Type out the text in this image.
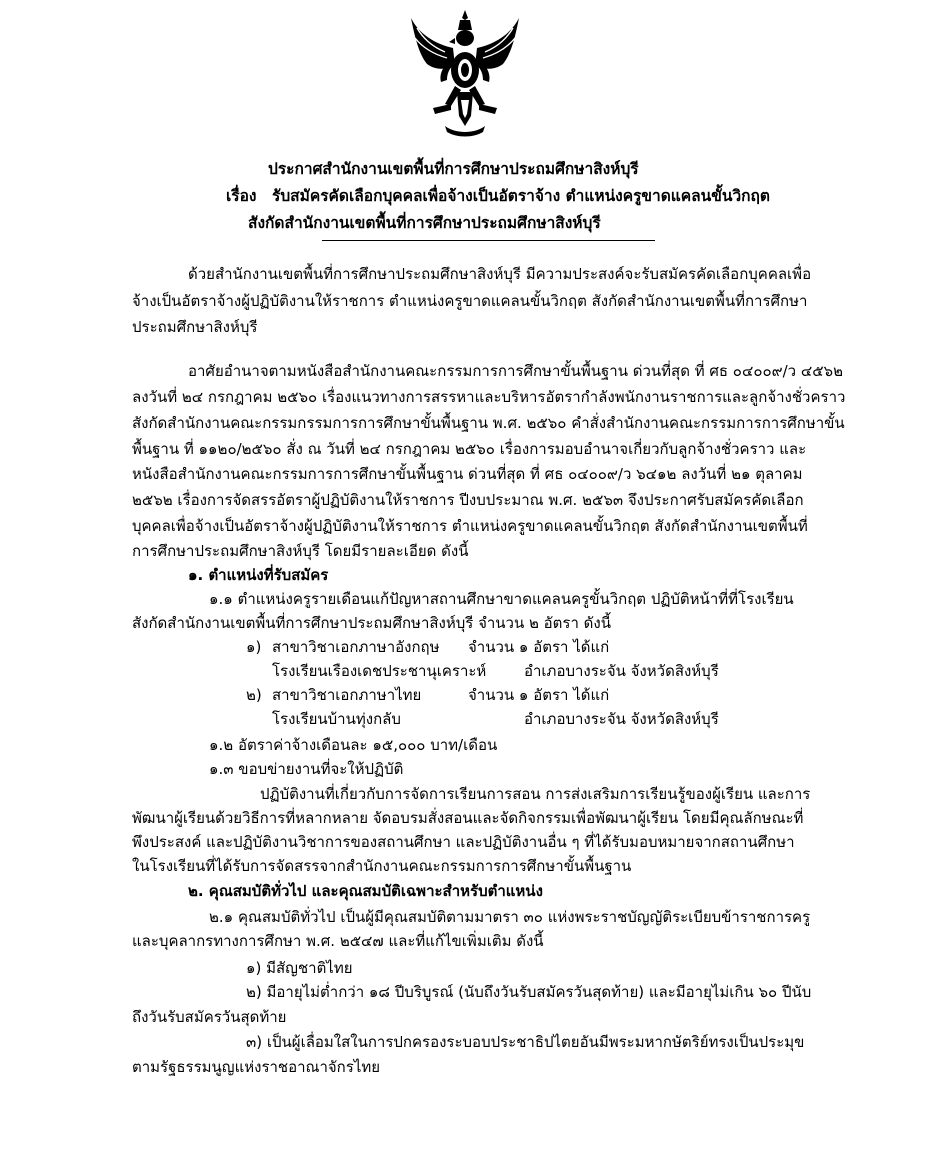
ประกาศสำนักงานเขตพื้นที่การศึกษาประถมศึกษาสิงห์บุรี
เรื่อง รับสมัครคัดเลือกบุคคลเพื่อจ้างเป็นอัตราจ้าง ตำแหน่งครูขาดแคลนขั้นวิกฤต
สังกัดสำนักงานเขตพื้นที่การศึกษาประถมศึกษาสิงห์บุรี
ด้วยสำนักงานเขตพื้นที่การศึกษาประถมศึกษาสิงห์บุรี มีความประสงค์จะรับสมัครคัดเลือกบุคคลเพื่อ
จ้างเป็นอัตราจ้างผู้ปฏิบัติงานให้ราชการ ตำแหน่งครูขาดแคลนขั้นวิกฤต สังกัดสำนักงานเขตพื้นที่การศึกษา
ประถมศึกษาสิงห์บุรี
อาศัยอำนาจตามหนังสือสำนักงานคณะกรรมการการศึกษาขั้นพื้นฐาน ด่วนที่สุด ที่ ศธ ๐๔๐๐๙/ว ๔๕๖๒
ลงวันที่ ๒๔ กรกฎาคม ๒๕๖๐ เรื่องแนวทางการสรรหาและบริหารอัตรากำลังพนักงานราชการและลูกจ้างชั่วคราว
สังกัดสำนักงานคณะกรรมกรรมการการศึกษาขั้นพื้นฐาน พ.ศ. ๒๕๖๐ คำสั่งสำนักงานคณะกรรมการการศึกษาขั้น
พื้นฐาน ที่ ๑๑๒๐/๒๕๖๐ สั่ง ณ วันที่ ๒๔ กรกฎาคม ๒๕๖๐ เรื่องการมอบอำนาจเกี่ยวกับลูกจ้างชั่วคราว และ
หนังสือสำนักงานคณะกรรมการการศึกษาขั้นพื้นฐาน ด่วนที่สุด ที่ ศธ ๐๔๐๐๙/ว ๖๔๑๒ ลงวันที่ ๒๑ ตุลาคม
๒๕๖๒ เรื่องการจัดสรรอัตราผู้ปฏิบัติงานให้ราชการ ปีงบประมาณ พ.ศ. ๒๕๖๓ จึงประกาศรับสมัครคัดเลือก
บุคคลเพื่อจ้างเป็นอัตราจ้างผู้ปฏิบัติงานให้ราชการ ตำแหน่งครูขาดแคลนขั้นวิกฤต สังกัดสำนักงานเขตพื้นที่
การศึกษาประถมศึกษาสิงห์บุรี โดยมีรายละเอียด ดังนี้
๑. ตำแหน่งที่รับสมัคร
๑.๑ ตำแหน่งครูรายเดือนแก้ปัญหาสถานศึกษาขาดแคลนครูขั้นวิกฤต ปฏิบัติหน้าที่ที่โรงเรียน
สังกัดสำนักงานเขตพื้นที่การศึกษาประถมศึกษาสิงห์บุรี จำนวน ๒ อัตรา ดังนี้
๑) สาขาวิชาเอกภาษาอังกฤษ จำนวน ๑ อัตรา ได้แก่
โรงเรียนเรืองเดชประชานุเคราะห์	อำเภอบางระจัน จังหวัดสิงห์บุรี
๒) สาขาวิชาเอกภาษาไทย	จำนวน ๑ อัตรา ได้แก่
โรงเรียนบ้านทุ่งกลับ	อำเภอบางระจัน จังหวัดสิงห์บุรี
๑.๒ อัตราค่าจ้างเดือนละ ๑๕,๐๐๐ บาท/เดือน
๑.๓ ขอบข่ายงานที่จะให้ปฏิบัติ
ปฏิบัติงานที่เกี่ยวกับการจัดการเรียนการสอน การส่งเสริมการเรียนรู้ของผู้เรียน และการ
พัฒนาผู้เรียนด้วยวิธีการที่หลากหลาย จัดอบรมสั่งสอนและจัดกิจกรรมเพื่อพัฒนาผู้เรียน โดยมีคุณลักษณะที่
พึงประสงค์ และปฏิบัติงานวิชาการของสถานศึกษา และปฏิบัติงานอื่น ๆ ที่ได้รับมอบหมายจากสถานศึกษา
ในโรงเรียนที่ได้รับการจัดสรรจากสำนักงานคณะกรรมการการศึกษาขั้นพื้นฐาน
๒. คุณสมบัติทั่วไป และคุณสมบัติเฉพาะสำหรับตำแหน่ง
๒.๑ คุณสมบัติทั่วไป เป็นผู้มีคุณสมบัติตามมาตรา ๓๐ แห่งพระราชบัญญัติระเบียบข้าราชการครู
และบุคลากรทางการศึกษา พ.ศ. ๒๕๔๗ และที่แก้ไขเพิ่มเติม ดังนี้
๑) มีสัญชาติไทย
๒) มีอายุไม่ต่ำกว่า ๑๘ ปีบริบูรณ์ (นับถึงวันรับสมัครวันสุดท้าย) และมีอายุไม่เกิน ๖๐ ปีนับ
ถึงวันรับสมัครวันสุดท้าย
๓) เป็นผู้เลื่อมใสในการปกครองระบอบประชาธิปไตยอันมีพระมหากษัตริย์ทรงเป็นประมุข
ตามรัฐธรรมนูญแห่งราชอาณาจักรไทย
